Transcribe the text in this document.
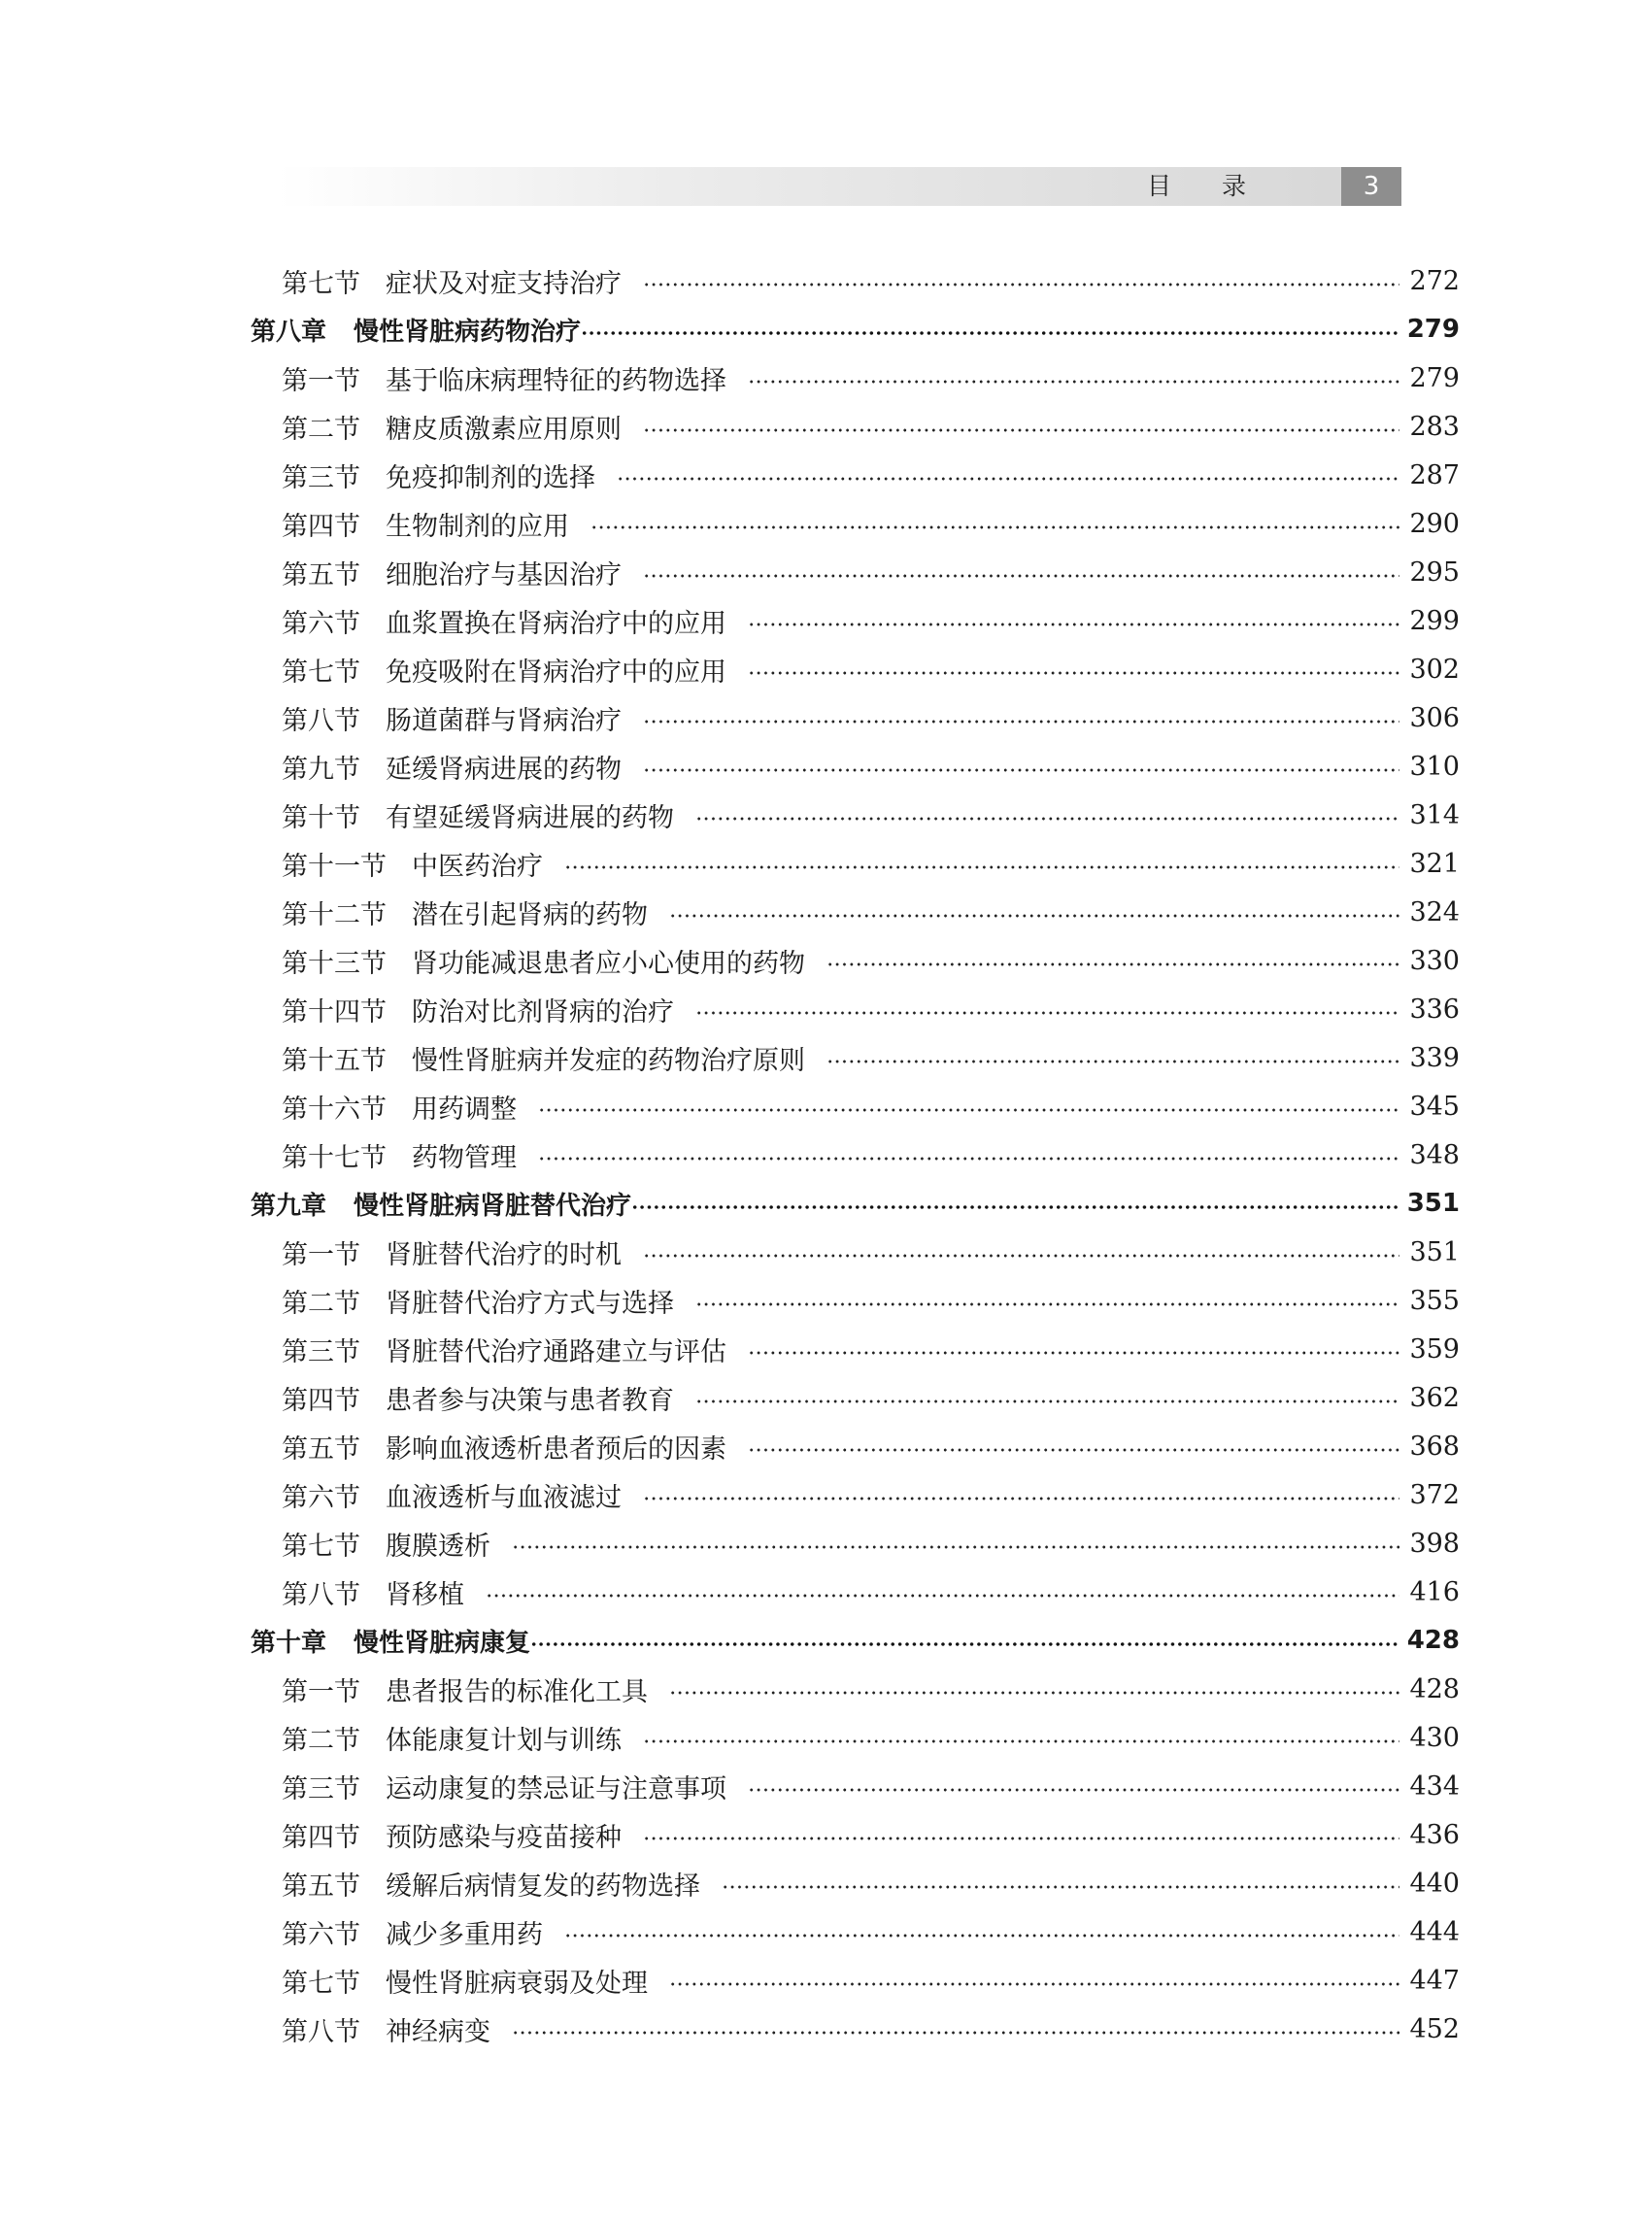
目 录	3
第七节 症状及对症支持治疗	272
第八章 慢性肾脏病药物治疗	279
第一节 基于临床病理特征的药物选择	279
第二节 糖皮质激素应用原则	283
第三节 免疫抑制剂的选择	287
第四节 生物制剂的应用	290
第五节 细胞治疗与基因治疗	295
第六节 血浆置换在肾病治疗中的应用	299
第七节 免疫吸附在肾病治疗中的应用	302
第八节 肠道菌群与肾病治疗	306
第九节 延缓肾病进展的药物	310
第十节 有望延缓肾病进展的药物	314
第十一节 中医药治疗	321
第十二节 潜在引起肾病的药物	324
第十三节 肾功能减退患者应小心使用的药物	330
第十四节 防治对比剂肾病的治疗	336
第十五节 慢性肾脏病并发症的药物治疗原则	339
第十六节 用药调整	345
第十七节 药物管理	348
第九章 慢性肾脏病肾脏替代治疗	351
第一节 肾脏替代治疗的时机	351
第二节 肾脏替代治疗方式与选择	355
第三节 肾脏替代治疗通路建立与评估	359
第四节 患者参与决策与患者教育	362
第五节 影响血液透析患者预后的因素	368
第六节 血液透析与血液滤过	372
第七节 腹膜透析	398
第八节 肾移植	416
第十章 慢性肾脏病康复	428
第一节 患者报告的标准化工具	428
第二节 体能康复计划与训练	430
第三节 运动康复的禁忌证与注意事项	434
第四节 预防感染与疫苗接种	436
第五节 缓解后病情复发的药物选择	440
第六节 减少多重用药	444
第七节 慢性肾脏病衰弱及处理	447
第八节 神经病变	452
